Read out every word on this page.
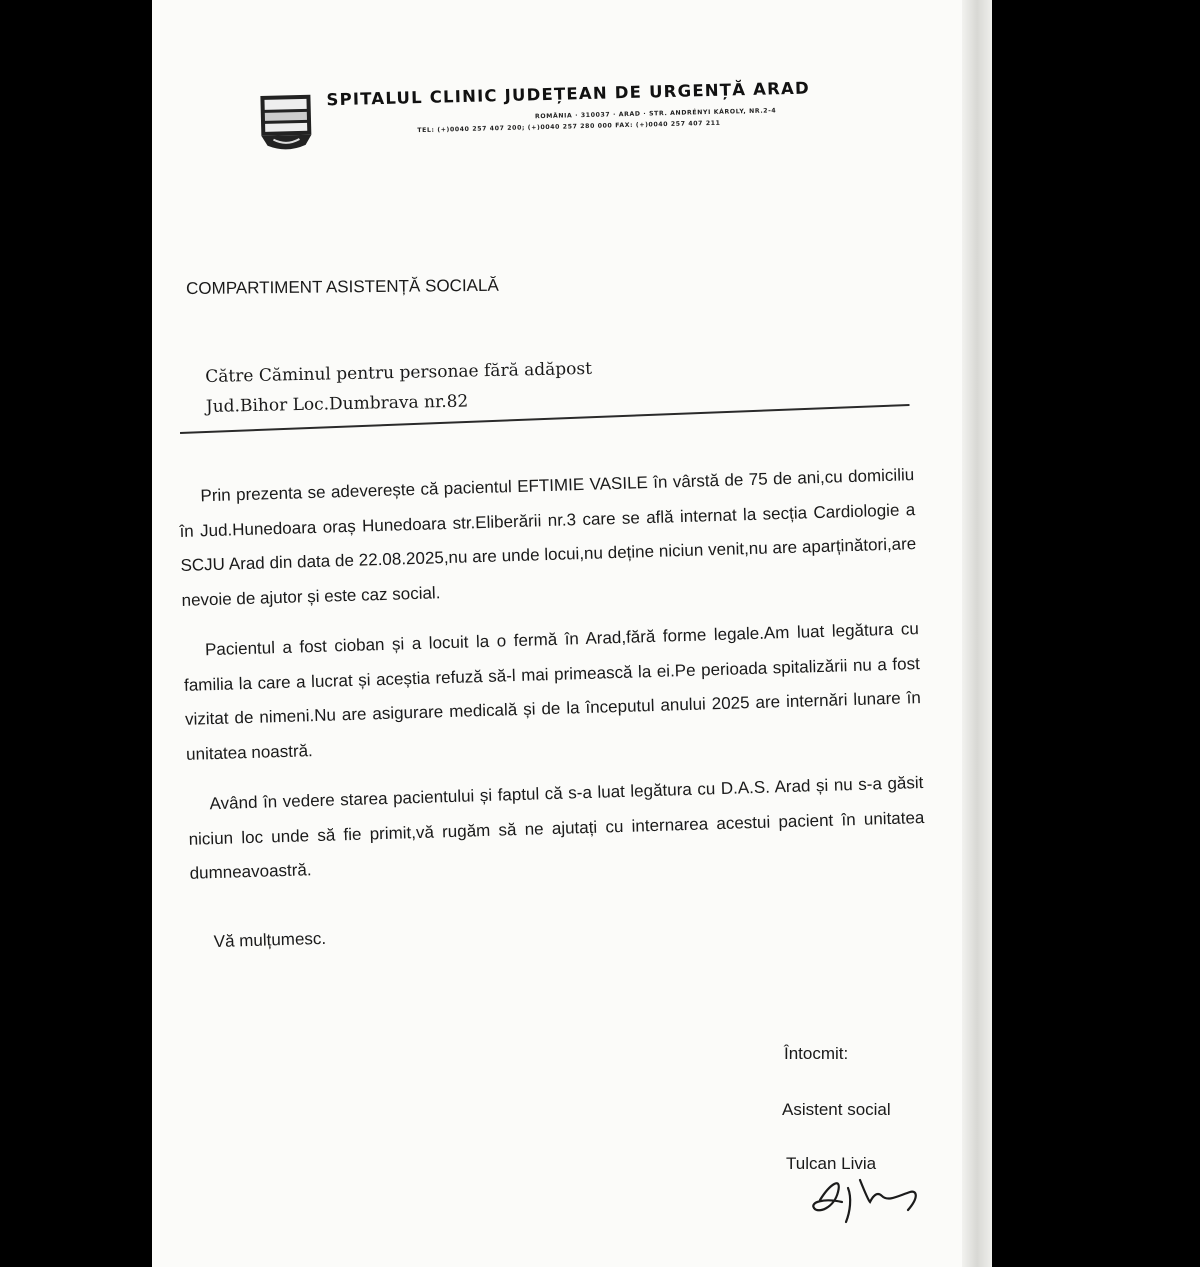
SPITALUL CLINIC JUDEȚEAN DE URGENȚĂ ARAD
ROMÂNIA · 310037 · ARAD · STR. ANDRÉNYI KÁROLY, NR.2-4
TEL: (+)0040 257 407 200; (+)0040 257 280 000 FAX: (+)0040 257 407 211
COMPARTIMENT ASISTENȚĂ SOCIALĂ
Către Căminul pentru personae fără adăpost
Jud.Bihor Loc.Dumbrava nr.82

Prin prezenta se adeverește că pacientul EFTIMIE VASILE în vârstă de 75 de ani,cu domiciliu în Jud.Hunedoara oraș Hunedoara str.Eliberării nr.3 care se află internat la secția Cardiologie a SCJU Arad din data de 22.08.2025,nu are unde locui,nu deține niciun venit,nu are aparținători,are nevoie de ajutor și este caz social.

Pacientul a fost cioban și a locuit la o fermă în Arad,fără forme legale.Am luat legătura cu familia la care a lucrat și aceștia refuză să-l mai primească la ei.Pe perioada spitalizării nu a fost vizitat de nimeni.Nu are asigurare medicală și de la începutul anului 2025 are internări lunare în unitatea noastră.

Având în vedere starea pacientului și faptul că s-a luat legătura cu D.A.S. Arad și nu s-a găsit niciun loc unde să fie primit,vă rugăm să ne ajutați cu internarea acestui pacient în unitatea dumneavoastră.

Vă mulțumesc.

Întocmit:
Asistent social
Tulcan Livia
